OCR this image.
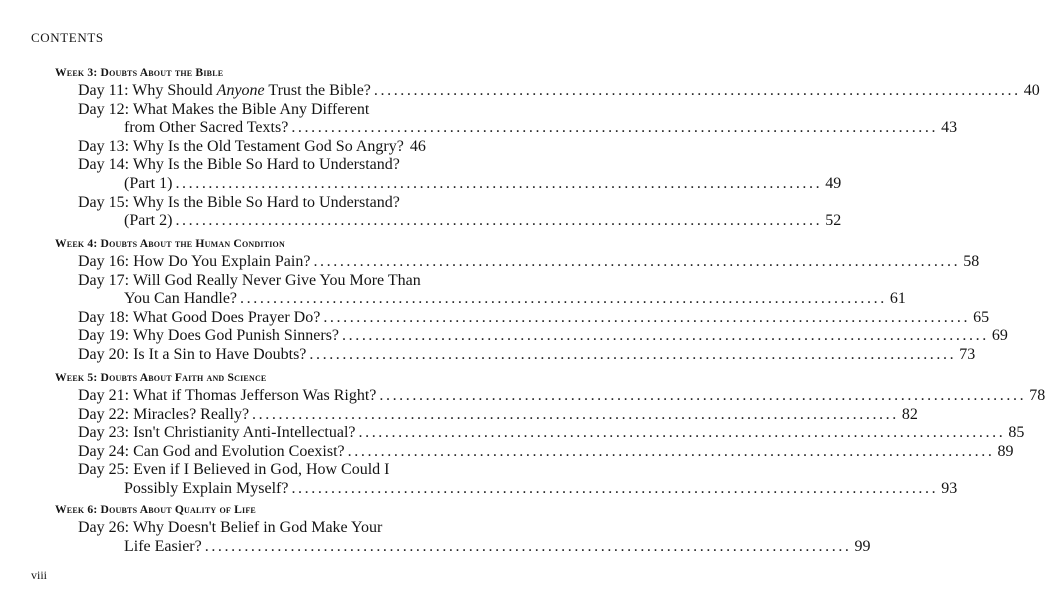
CONTENTS
Week 3: Doubts About the Bible
Day 11: Why Should Anyone Trust the Bible? .................................................................................................. 40
Day 12: What Makes the Bible Any Different
from Other Sacred Texts? .................................................................................................. 43
Day 13: Why Is the Old Testament God So Angry? 46
Day 14: Why Is the Bible So Hard to Understand?
(Part 1) .................................................................................................. 49
Day 15: Why Is the Bible So Hard to Understand?
(Part 2) .................................................................................................. 52
Week 4: Doubts About the Human Condition
Day 16: How Do You Explain Pain? .................................................................................................. 58
Day 17: Will God Really Never Give You More Than
You Can Handle? .................................................................................................. 61
Day 18: What Good Does Prayer Do? .................................................................................................. 65
Day 19: Why Does God Punish Sinners? .................................................................................................. 69
Day 20: Is It a Sin to Have Doubts? .................................................................................................. 73
Week 5: Doubts About Faith and Science
Day 21: What if Thomas Jefferson Was Right? .................................................................................................. 78
Day 22: Miracles? Really? .................................................................................................. 82
Day 23: Isn't Christianity Anti-Intellectual? .................................................................................................. 85
Day 24: Can God and Evolution Coexist? .................................................................................................. 89
Day 25: Even if I Believed in God, How Could I
Possibly Explain Myself? .................................................................................................. 93
Week 6: Doubts About Quality of Life
Day 26: Why Doesn't Belief in God Make Your
Life Easier? .................................................................................................. 99
viii
